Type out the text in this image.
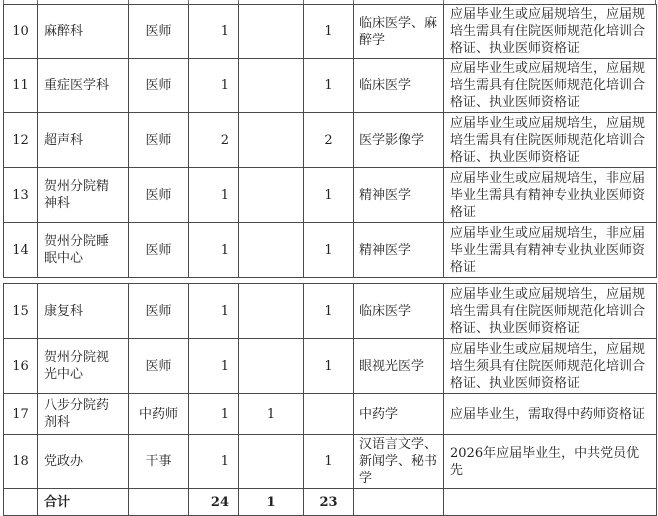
10	麻醉科	医师	1		1	临床医学、麻醉学	应届毕业生或应届规培生，应届规培生需具有住院医师规范化培训合格证、执业医师资格证
11	重症医学科	医师	1		1	临床医学	应届毕业生或应届规培生，应届规培生需具有住院医师规范化培训合格证、执业医师资格证
12	超声科	医师	2		2	医学影像学	应届毕业生或应届规培生，应届规培生需具有住院医师规范化培训合格证、执业医师资格证
13	贺州分院精神科	医师	1		1	精神医学	应届毕业生或应届规培生，非应届毕业生需具有精神专业执业医师资格证
14	贺州分院睡眠中心	医师	1		1	精神医学	应届毕业生或应届规培生，非应届毕业生需具有精神专业执业医师资格证
15	康复科	医师	1		1	临床医学	应届毕业生或应届规培生，应届规培生需具有住院医师规范化培训合格证、执业医师资格证
16	贺州分院视光中心	医师	1		1	眼视光医学	应届毕业生或应届规培生，应届规培生须具有住院医师规范化培训合格证、执业医师资格证
17	八步分院药剂科	中药师	1	1		中药学	应届毕业生，需取得中药师资格证
18	党政办	干事	1		1	汉语言文学、新闻学、秘书学	2026年应届毕业生，中共党员优先
	合计		24	1	23		
